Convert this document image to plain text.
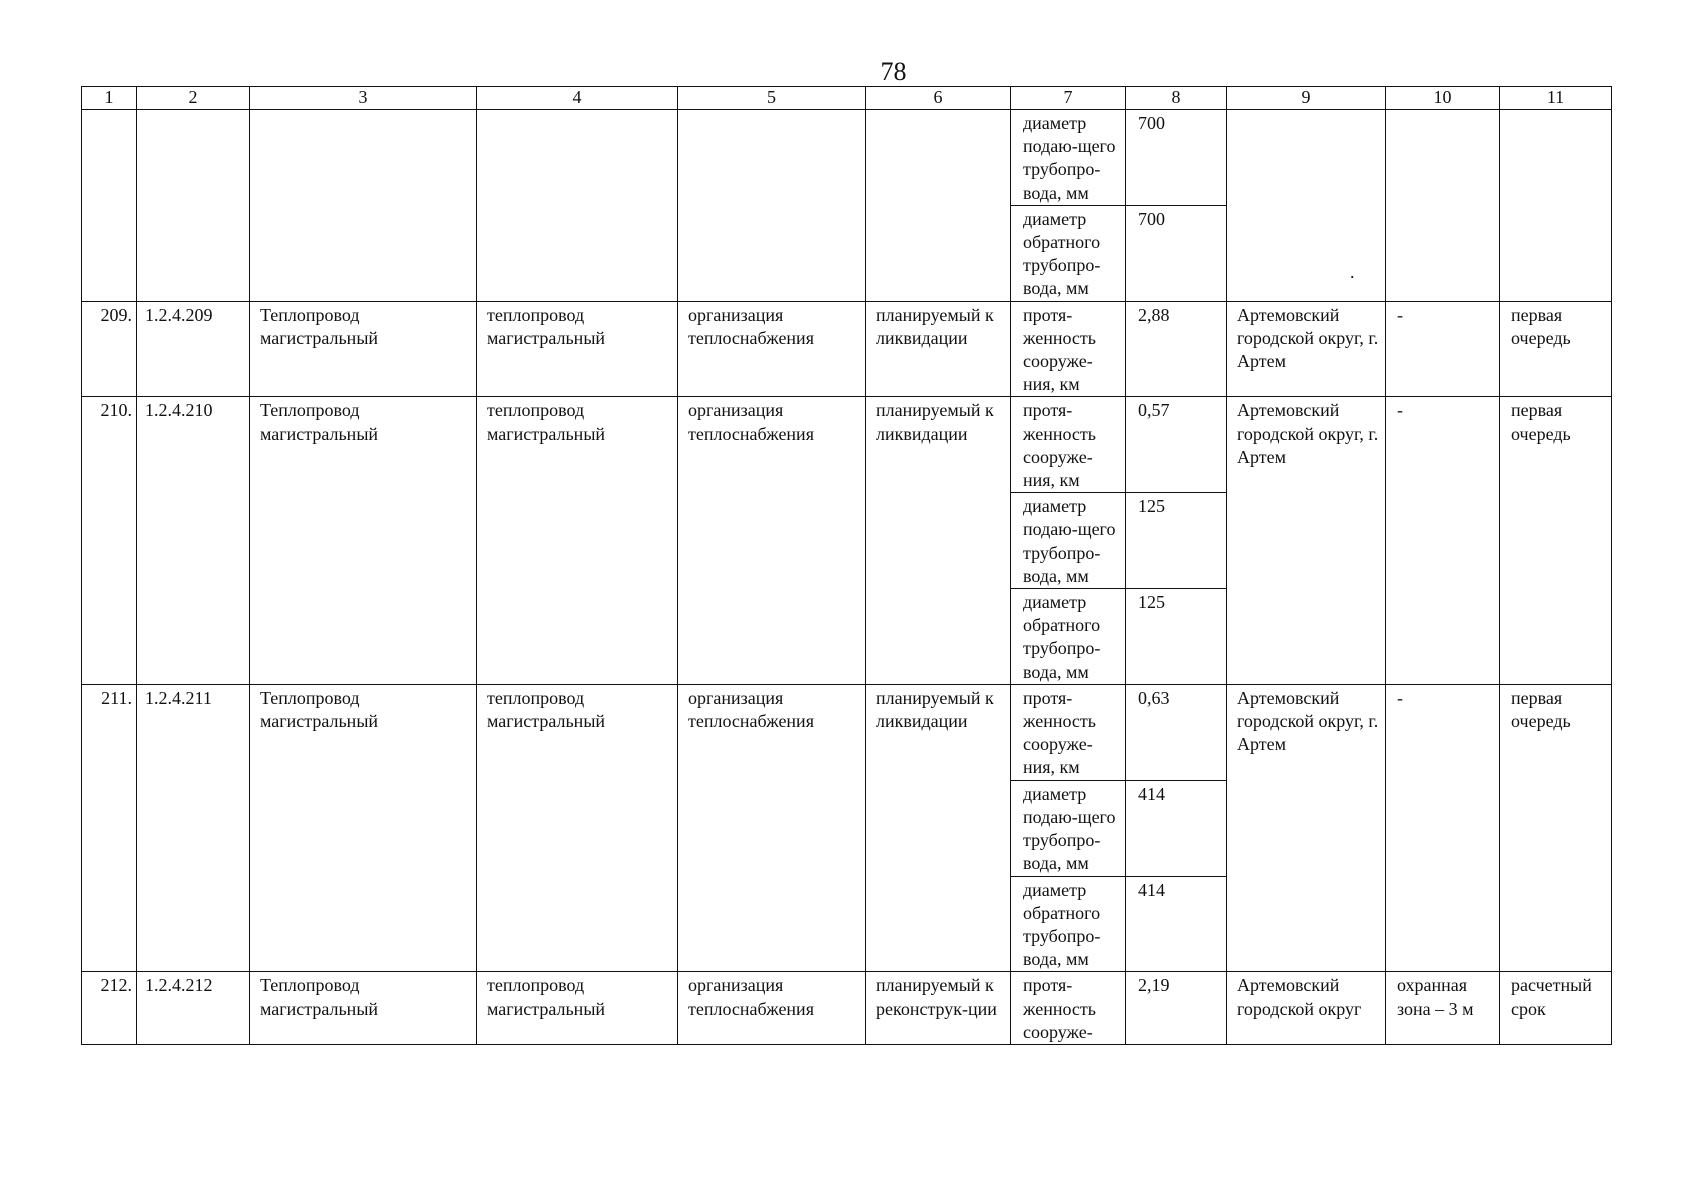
78
.
1	2	3	4	5	6	7	8	9	10	11
						диаметр подаю-щего трубопро-вода, мм	700			
						диаметр обратного трубопро-вода, мм	700			
209.	1.2.4.209	Теплопровод магистральный	теплопровод магистральный	организация теплоснабжения	планируемый к ликвидации	протя-женность сооруже-ния, км	2,88	Артемовский городской округ, г. Артем	-	первая очередь
210.	1.2.4.210	Теплопровод магистральный	теплопровод магистральный	организация теплоснабжения	планируемый к ликвидации	протя-женность сооруже-ния, км	0,57	Артемовский городской округ, г. Артем	-	первая очередь
						диаметр подаю-щего трубопро-вода, мм	125			
						диаметр обратного трубопро-вода, мм	125			
211.	1.2.4.211	Теплопровод магистральный	теплопровод магистральный	организация теплоснабжения	планируемый к ликвидации	протя-женность сооруже-ния, км	0,63	Артемовский городской округ, г. Артем	-	первая очередь
						диаметр подаю-щего трубопро-вода, мм	414			
						диаметр обратного трубопро-вода, мм	414			
212.	1.2.4.212	Теплопровод магистральный	теплопровод магистральный	организация теплоснабжения	планируемый к реконструк-ции	протя-женность сооруже-	2,19	Артемовский городской округ	охранная зона – 3 м	расчетный срок
